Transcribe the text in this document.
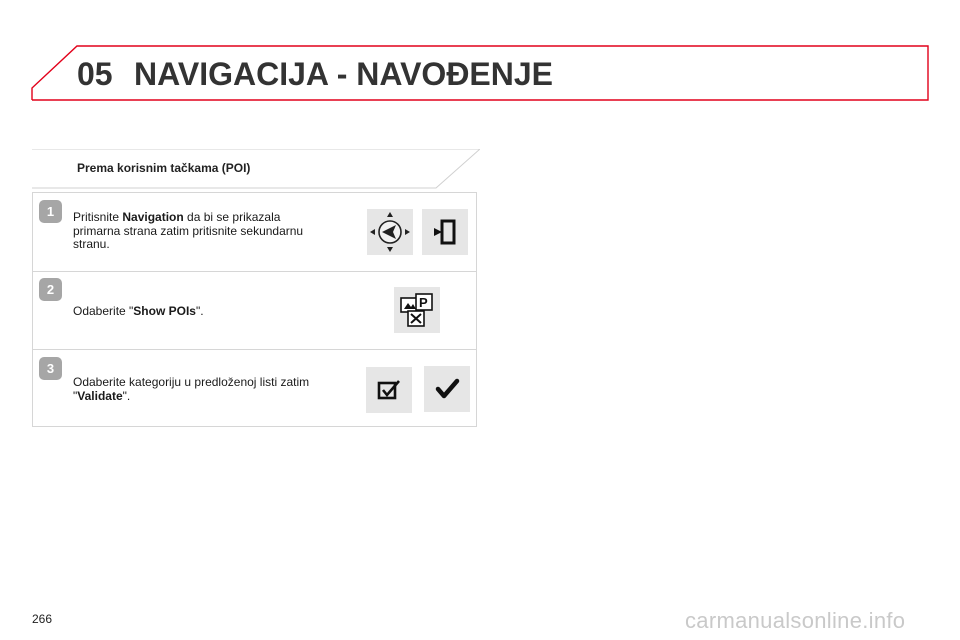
05 NAVIGACIJA - NAVOĐENJE
Prema korisnim tačkama (POI)
1	Pritisnite Navigation da bi se prikazala primarna strana zatim pritisnite sekundarnu stranu.
2
Odaberite "Show POIs".
P
3
Odaberite kategoriju u predloženoj listi zatim "Validate".
266	carmanualsonline.info
